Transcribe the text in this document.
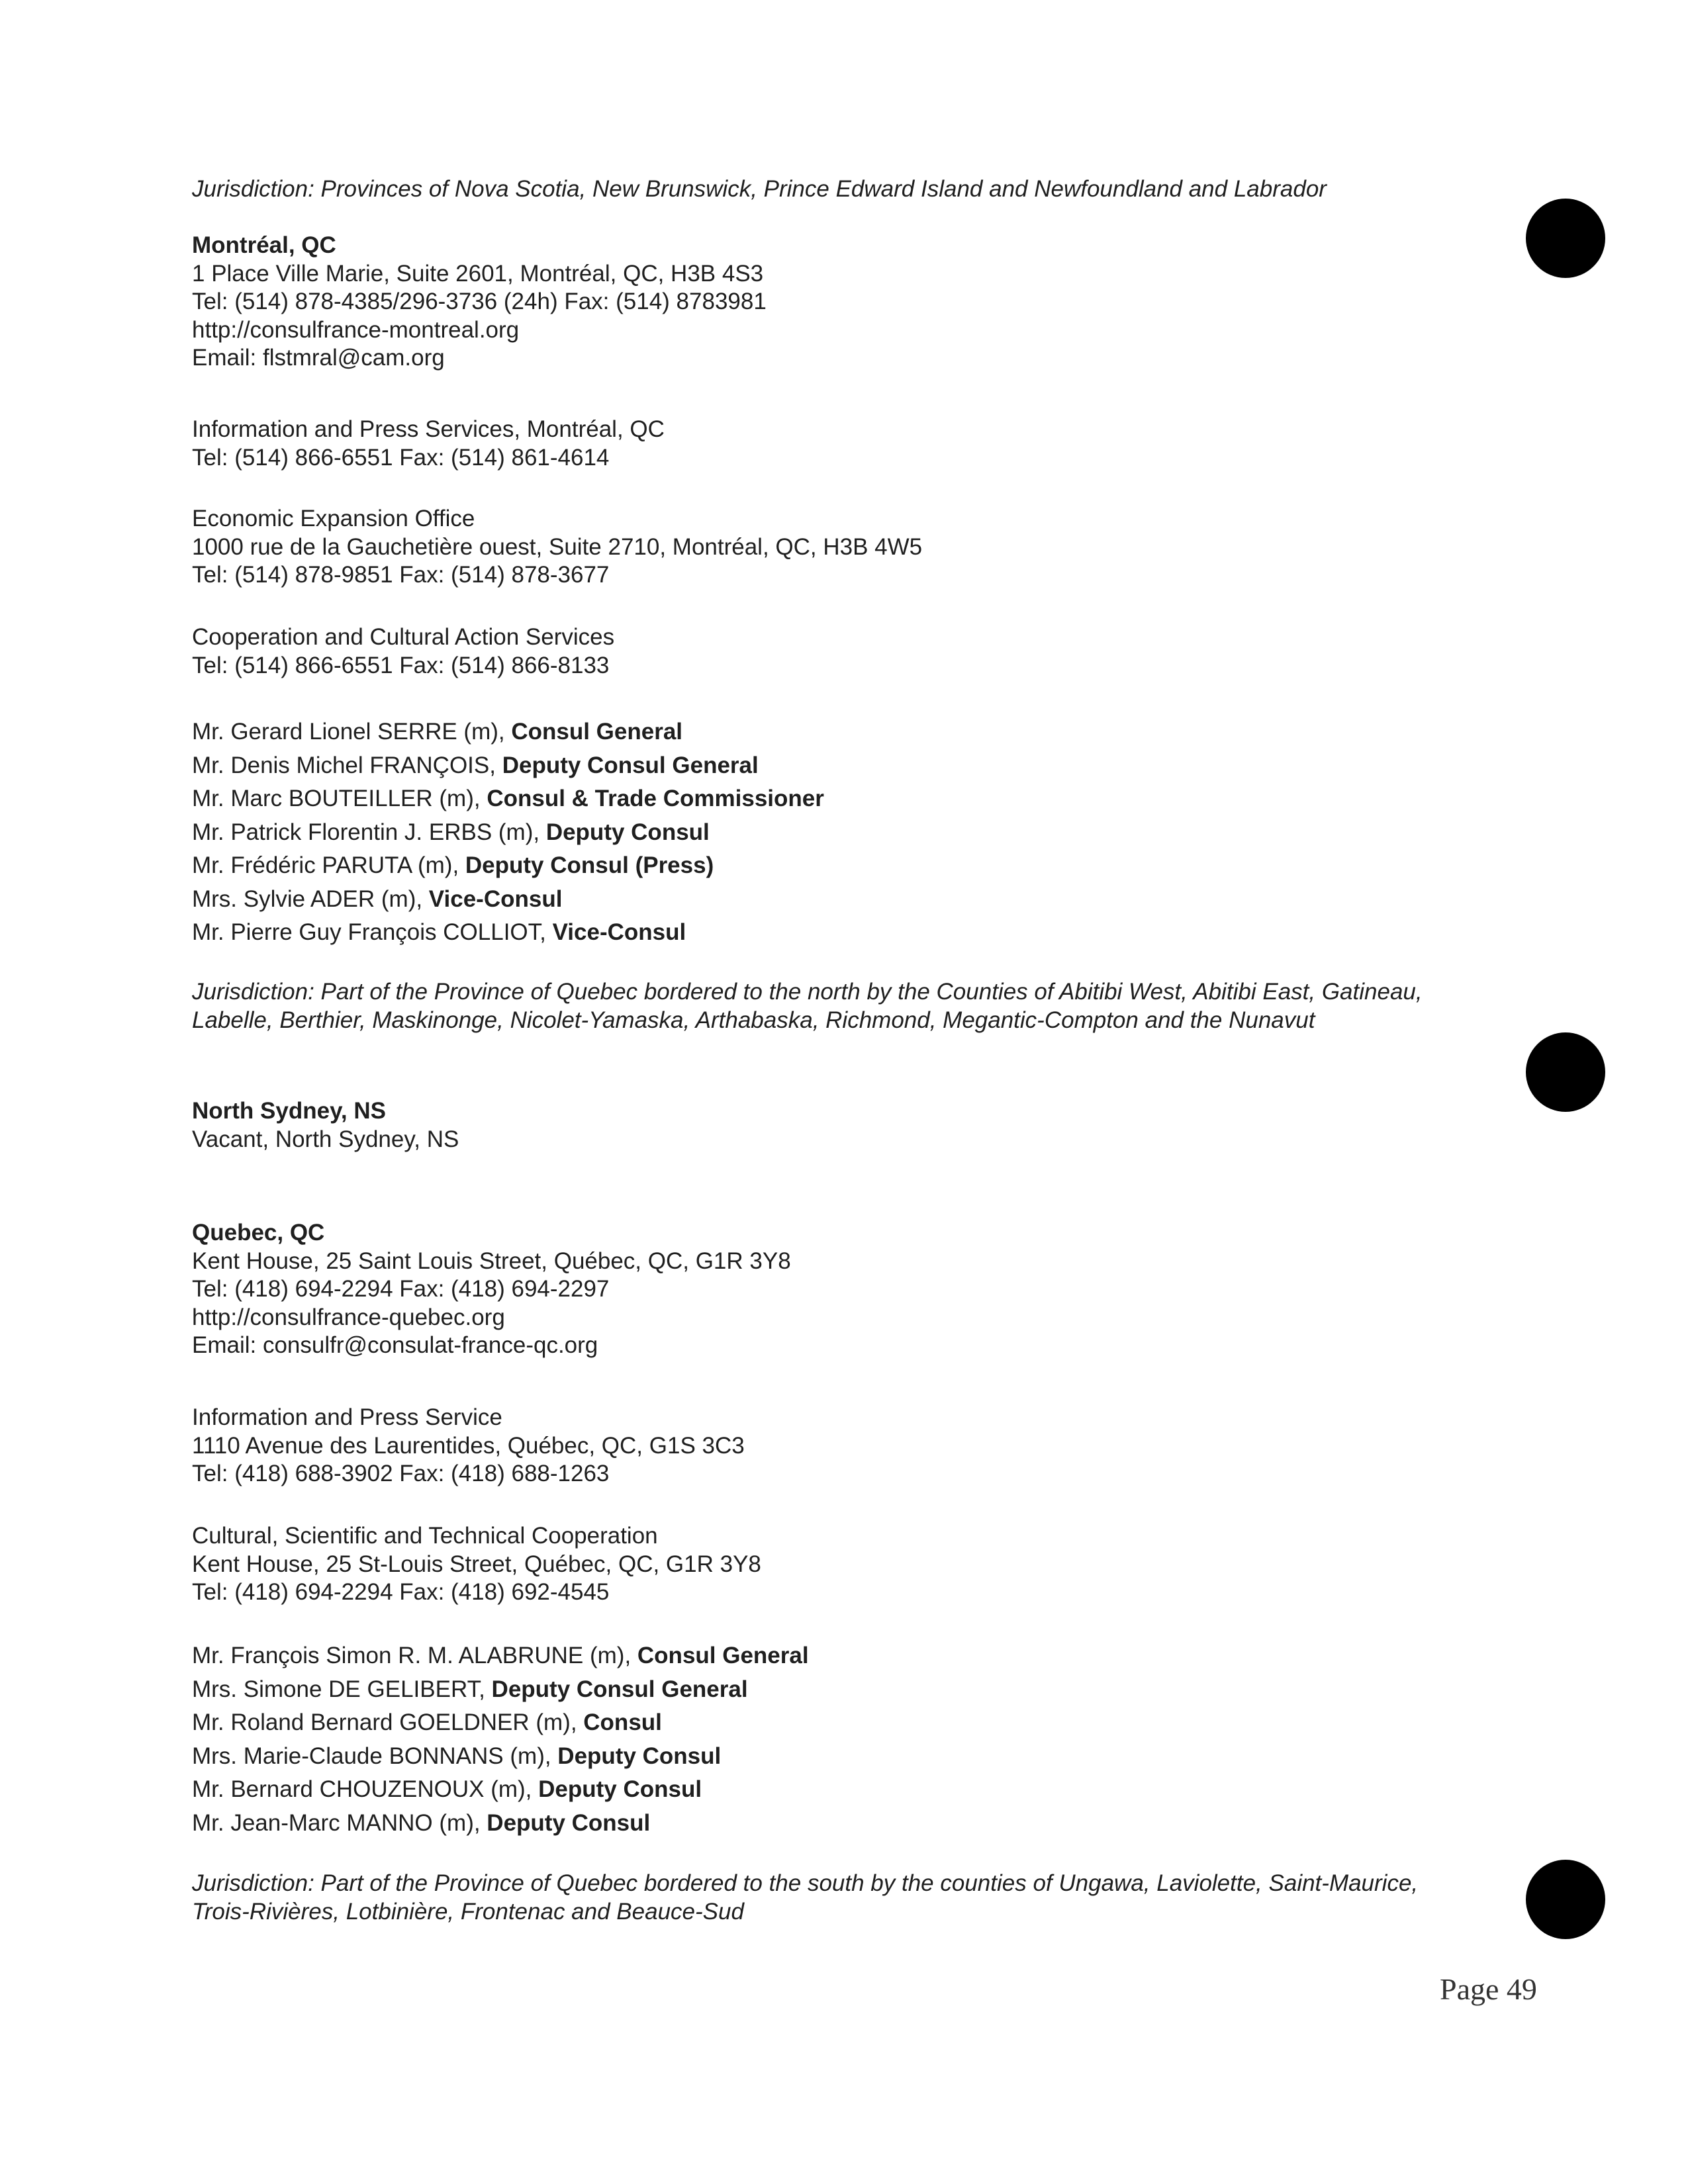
Jurisdiction: Provinces of Nova Scotia, New Brunswick, Prince Edward Island and Newfoundland and Labrador
Montréal, QC
1 Place Ville Marie, Suite 2601, Montréal, QC, H3B 4S3
Tel: (514) 878-4385/296-3736 (24h) Fax: (514) 8783981
http://consulfrance-montreal.org
Email: flstmral@cam.org
Information and Press Services, Montréal, QC
Tel: (514) 866-6551 Fax: (514) 861-4614
Economic Expansion Office
1000 rue de la Gauchetière ouest, Suite 2710, Montréal, QC, H3B 4W5
Tel: (514) 878-9851 Fax: (514) 878-3677
Cooperation and Cultural Action Services
Tel: (514) 866-6551 Fax: (514) 866-8133
Mr. Gerard Lionel SERRE (m), Consul General
Mr. Denis Michel FRANÇOIS, Deputy Consul General
Mr. Marc BOUTEILLER (m), Consul & Trade Commissioner
Mr. Patrick Florentin J. ERBS (m), Deputy Consul
Mr. Frédéric PARUTA (m), Deputy Consul (Press)
Mrs. Sylvie ADER (m), Vice-Consul
Mr. Pierre Guy François COLLIOT, Vice-Consul
Jurisdiction: Part of the Province of Quebec bordered to the north by the Counties of Abitibi West, Abitibi East, Gatineau,
Labelle, Berthier, Maskinonge, Nicolet-Yamaska, Arthabaska, Richmond, Megantic-Compton and the Nunavut
North Sydney, NS
Vacant, North Sydney, NS
Quebec, QC
Kent House, 25 Saint Louis Street, Québec, QC, G1R 3Y8
Tel: (418) 694-2294 Fax: (418) 694-2297
http://consulfrance-quebec.org
Email: consulfr@consulat-france-qc.org
Information and Press Service
1110 Avenue des Laurentides, Québec, QC, G1S 3C3
Tel: (418) 688-3902 Fax: (418) 688-1263
Cultural, Scientific and Technical Cooperation
Kent House, 25 St-Louis Street, Québec, QC, G1R 3Y8
Tel: (418) 694-2294 Fax: (418) 692-4545
Mr. François Simon R. M. ALABRUNE (m), Consul General
Mrs. Simone DE GELIBERT, Deputy Consul General
Mr. Roland Bernard GOELDNER (m), Consul
Mrs. Marie-Claude BONNANS (m), Deputy Consul
Mr. Bernard CHOUZENOUX (m), Deputy Consul
Mr. Jean-Marc MANNO (m), Deputy Consul
Jurisdiction: Part of the Province of Quebec bordered to the south by the counties of Ungawa, Laviolette, Saint-Maurice,
Trois-Rivières, Lotbinière, Frontenac and Beauce-Sud
Page 49
